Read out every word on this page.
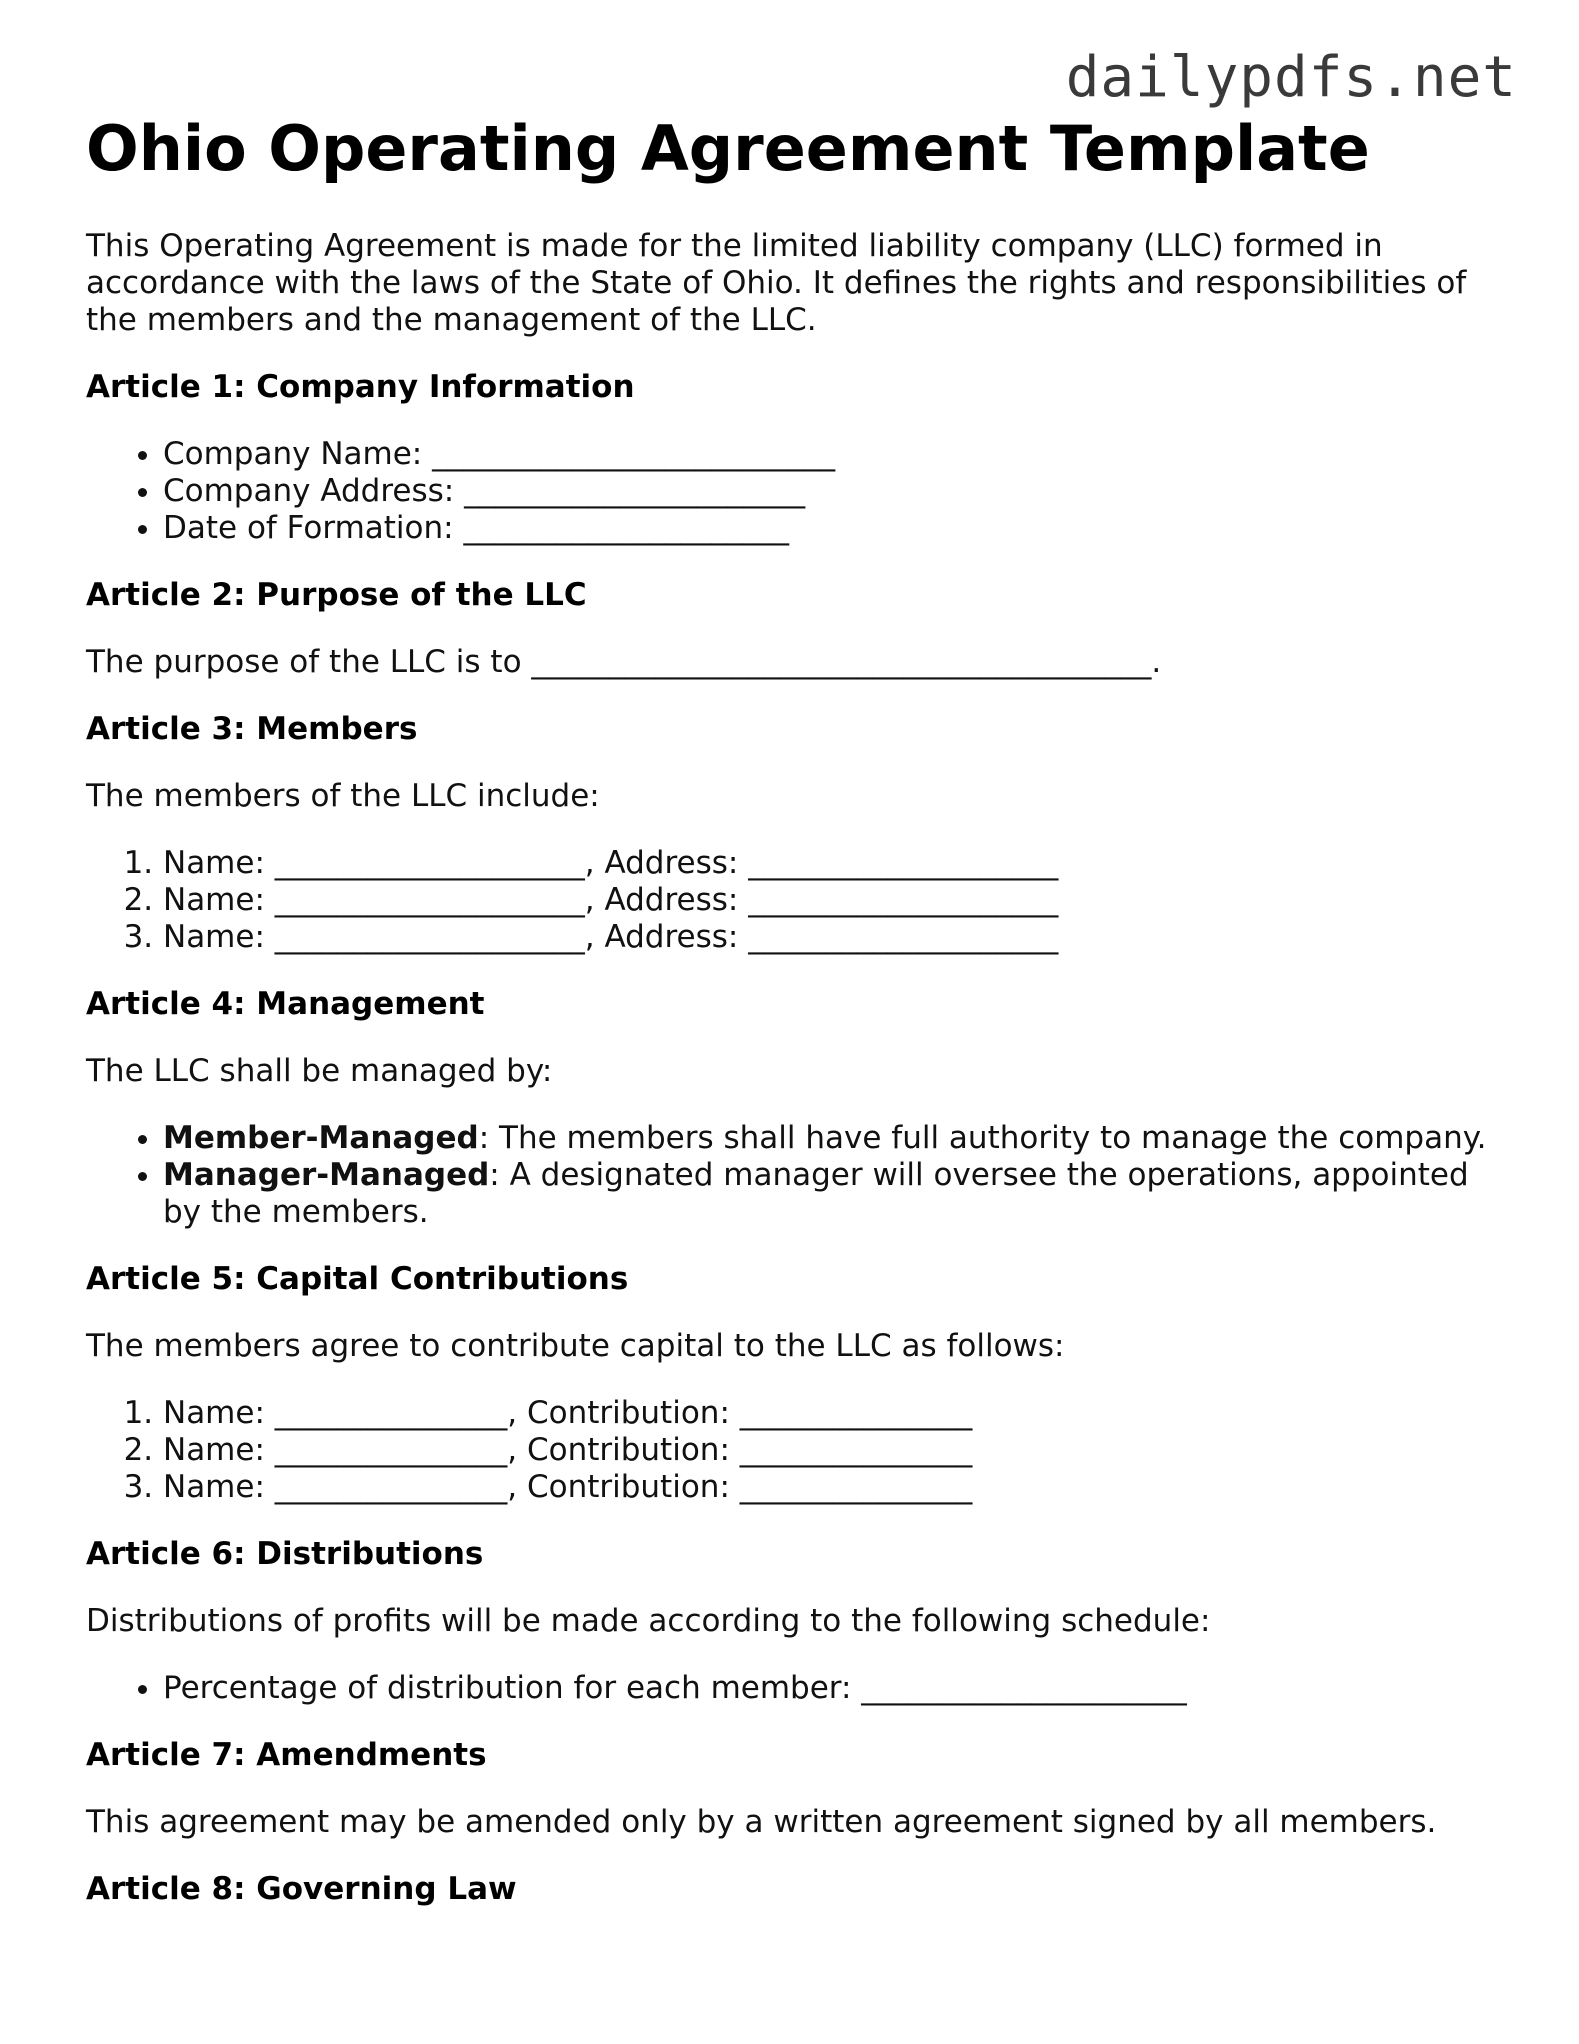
dailypdfs.net
Ohio Operating Agreement Template

This Operating Agreement is made for the limited liability company (LLC) formed in accordance with the laws of the State of Ohio. It defines the rights and responsibilities of the members and the management of the LLC.

Article 1: Company Information
• Company Name: __________________________
• Company Address: ______________________
• Date of Formation: _____________________
Article 2: Purpose of the LLC

The purpose of the LLC is to ________________________________________.

Article 3: Members

The members of the LLC include:

1. Name: ____________________, Address: ____________________
2. Name: ____________________, Address: ____________________
3. Name: ____________________, Address: ____________________
Article 4: Management

The LLC shall be managed by:

• Member-Managed: The members shall have full authority to manage the company.
• Manager-Managed: A designated manager will oversee the operations, appointed by the members.
Article 5: Capital Contributions

The members agree to contribute capital to the LLC as follows:

1. Name: _______________, Contribution: _______________
2. Name: _______________, Contribution: _______________
3. Name: _______________, Contribution: _______________
Article 6: Distributions

Distributions of profits will be made according to the following schedule:

• Percentage of distribution for each member: _____________________
Article 7: Amendments

This agreement may be amended only by a written agreement signed by all members.

Article 8: Governing Law
